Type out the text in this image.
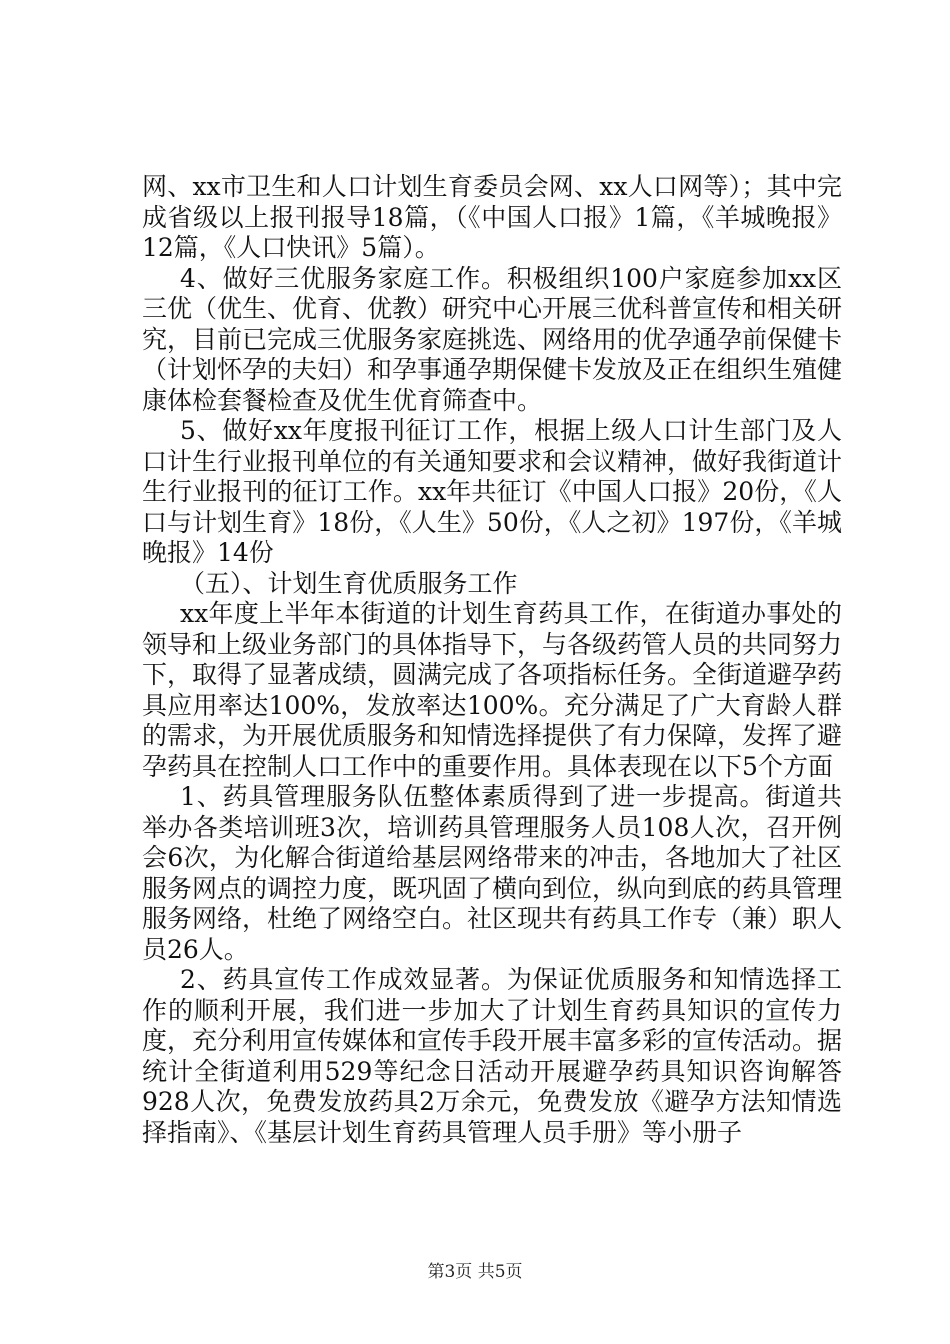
网、xx市卫生和人口计划生育委员会网、xx人口网等）；其中完成省级以上报刊报导18篇，（《中国人口报》1篇，《羊城晚报》12篇，《人口快讯》5篇）。

4、做好三优服务家庭工作。积极组织100户家庭参加xx区三优（优生、优育、优教）研究中心开展三优科普宣传和相关研究，目前已完成三优服务家庭挑选、网络用的优孕通孕前保健卡（计划怀孕的夫妇）和孕事通孕期保健卡发放及正在组织生殖健康体检套餐检查及优生优育筛查中。

5、做好xx年度报刊征订工作，根据上级人口计生部门及人口计生行业报刊单位的有关通知要求和会议精神，做好我街道计生行业报刊的征订工作。xx年共征订《中国人口报》20份，《人口与计划生育》18份，《人生》50份，《人之初》197份，《羊城晚报》14份

（五）、计划生育优质服务工作

xx年度上半年本街道的计划生育药具工作，在街道办事处的领导和上级业务部门的具体指导下，与各级药管人员的共同努力下，取得了显著成绩，圆满完成了各项指标任务。全街道避孕药具应用率达100%，发放率达100%。充分满足了广大育龄人群的需求，为开展优质服务和知情选择提供了有力保障，发挥了避孕药具在控制人口工作中的重要作用。具体表现在以下5个方面

1、药具管理服务队伍整体素质得到了进一步提高。街道共举办各类培训班3次，培训药具管理服务人员108人次，召开例会6次，为化解合街道给基层网络带来的冲击，各地加大了社区服务网点的调控力度，既巩固了横向到位，纵向到底的药具管理服务网络，杜绝了网络空白。社区现共有药具工作专（兼）职人员26人。

2、药具宣传工作成效显著。为保证优质服务和知情选择工作的顺利开展，我们进一步加大了计划生育药具知识的宣传力度，充分利用宣传媒体和宣传手段开展丰富多彩的宣传活动。据统计全街道利用529等纪念日活动开展避孕药具知识咨询解答928人次，免费发放药具2万余元，免费发放《避孕方法知情选择指南》、《基层计划生育药具管理人员手册》等小册子

第3页 共5页
